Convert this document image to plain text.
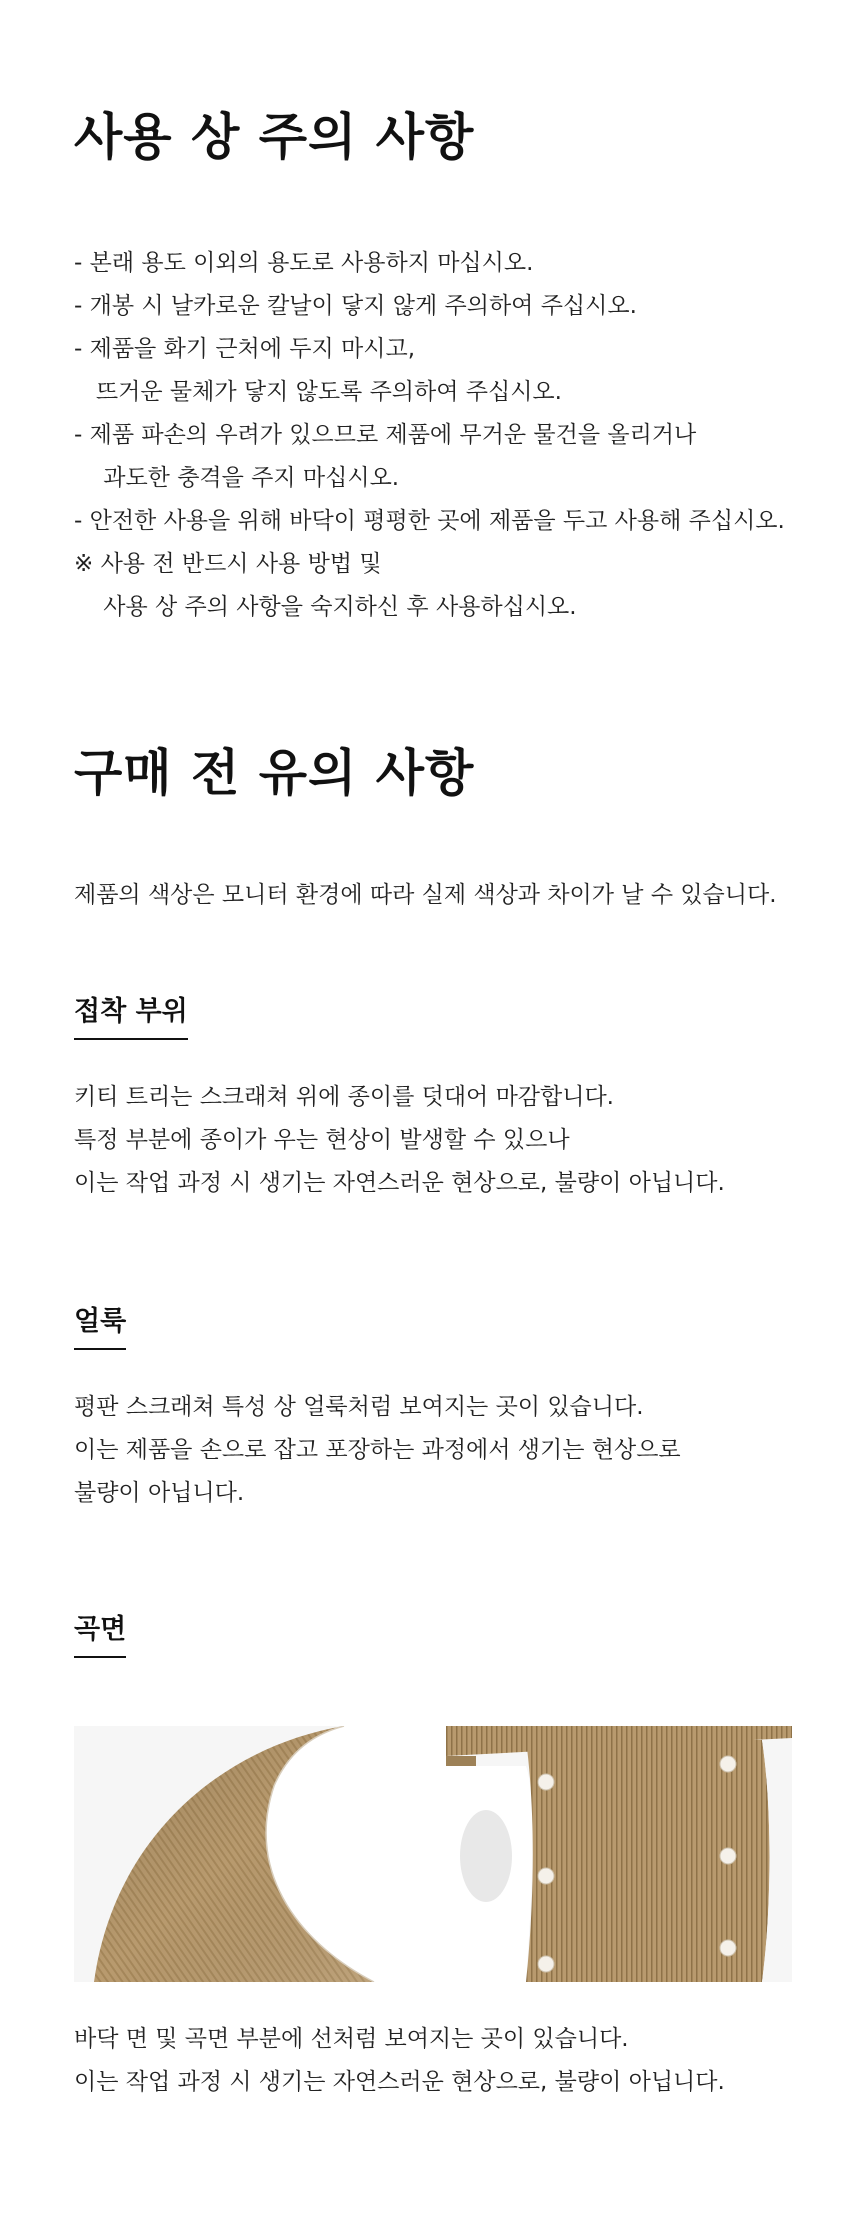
사용 상 주의 사항
- 본래 용도 이외의 용도로 사용하지 마십시오.
- 개봉 시 날카로운 칼날이 닿지 않게 주의하여 주십시오.
- 제품을 화기 근처에 두지 마시고,
뜨거운 물체가 닿지 않도록 주의하여 주십시오.
- 제품 파손의 우려가 있으므로 제품에 무거운 물건을 올리거나
과도한 충격을 주지 마십시오.
- 안전한 사용을 위해 바닥이 평평한 곳에 제품을 두고 사용해 주십시오.
※ 사용 전 반드시 사용 방법 및
사용 상 주의 사항을 숙지하신 후 사용하십시오.
구매 전 유의 사항
제품의 색상은 모니터 환경에 따라 실제 색상과 차이가 날 수 있습니다.
접착 부위
키티 트리는 스크래쳐 위에 종이를 덧대어 마감합니다.
특정 부분에 종이가 우는 현상이 발생할 수 있으나
이는 작업 과정 시 생기는 자연스러운 현상으로, 불량이 아닙니다.
얼룩
평판 스크래쳐 특성 상 얼룩처럼 보여지는 곳이 있습니다.
이는 제품을 손으로 잡고 포장하는 과정에서 생기는 현상으로
불량이 아닙니다.
곡면
바닥 면 및 곡면 부분에 선처럼 보여지는 곳이 있습니다.
이는 작업 과정 시 생기는 자연스러운 현상으로, 불량이 아닙니다.
